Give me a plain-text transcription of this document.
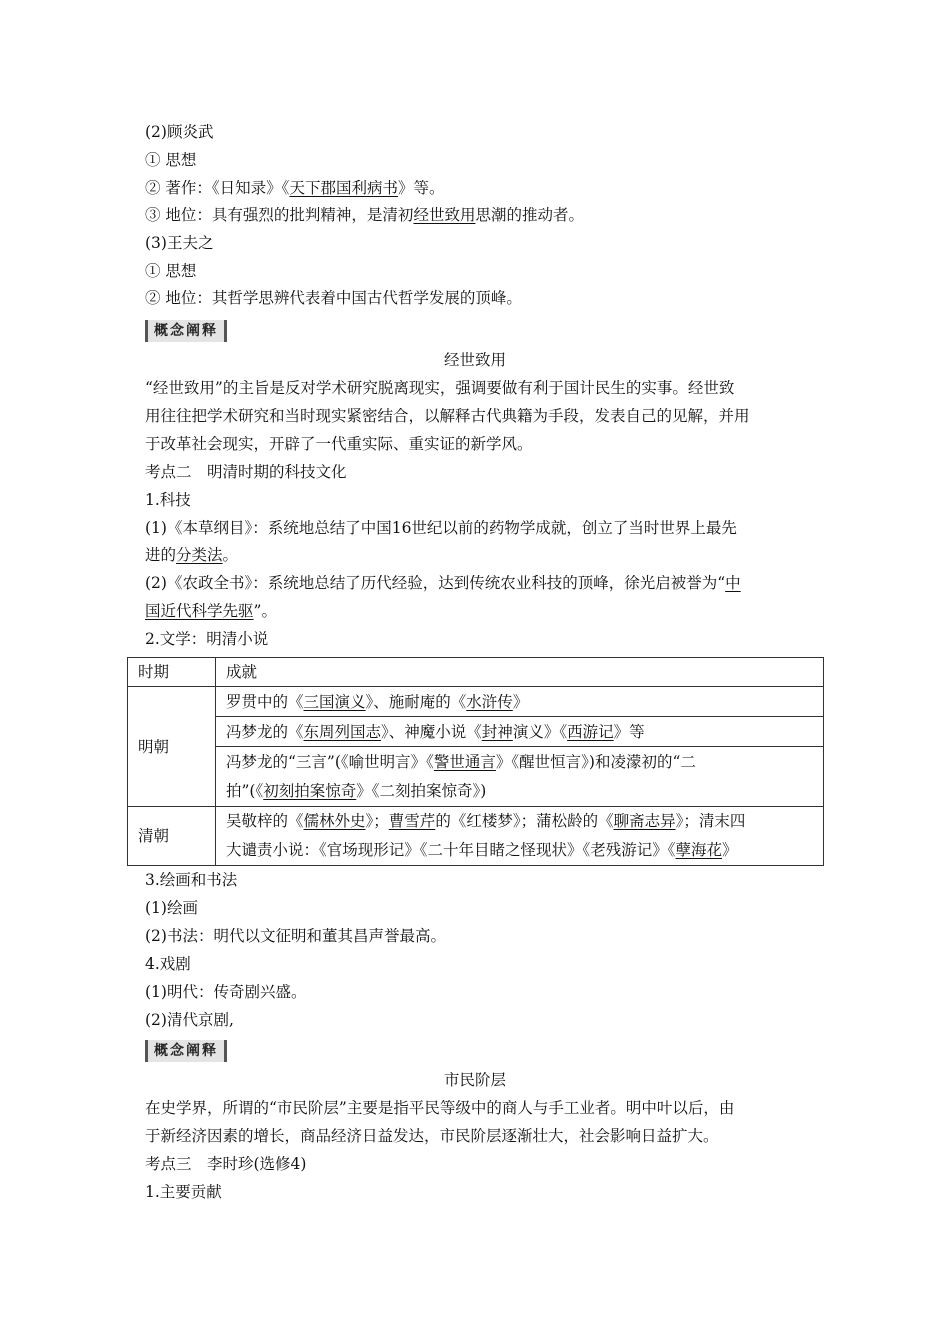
(2)顾炎武
① 思想
② 著作：《日知录》《天下郡国利病书》等。
③ 地位：具有强烈的批判精神，是清初经世致用思潮的推动者。
(3)王夫之
① 思想
② 地位：其哲学思辨代表着中国古代哲学发展的顶峰。
概念阐释
经世致用
“经世致用”的主旨是反对学术研究脱离现实，强调要做有利于国计民生的实事。经世致
用往往把学术研究和当时现实紧密结合，以解释古代典籍为手段，发表自己的见解，并用
于改革社会现实，开辟了一代重实际、重实证的新学风。
考点二　明清时期的科技文化
1.科技
(1)《本草纲目》：系统地总结了中国16世纪以前的药物学成就，创立了当时世界上最先
进的分类法。
(2)《农政全书》：系统地总结了历代经验，达到传统农业科技的顶峰，徐光启被誉为“中
国近代科学先驱”。
2.文学：明清小说
时期	成就
明朝	罗贯中的《三国演义》、施耐庵的《水浒传》
	冯梦龙的《东周列国志》、神魔小说《封神演义》《西游记》等
	冯梦龙的“三言”(《喻世明言》《警世通言》《醒世恒言》)和凌濛初的“二
拍”(《初刻拍案惊奇》《二刻拍案惊奇》)
清朝	吴敬梓的《儒林外史》；曹雪芹的《红楼梦》；蒲松龄的《聊斋志异》；清末四
大谴责小说：《官场现形记》《二十年目睹之怪现状》《老残游记》《孽海花》
3.绘画和书法
(1)绘画
(2)书法：明代以文征明和董其昌声誉最高。
4.戏剧
(1)明代：传奇剧兴盛。
(2)清代京剧,
概念阐释
市民阶层
在史学界，所谓的“市民阶层”主要是指平民等级中的商人与手工业者。明中叶以后，由
于新经济因素的增长，商品经济日益发达，市民阶层逐渐壮大，社会影响日益扩大。
考点三　李时珍(选修4)
1.主要贡献
